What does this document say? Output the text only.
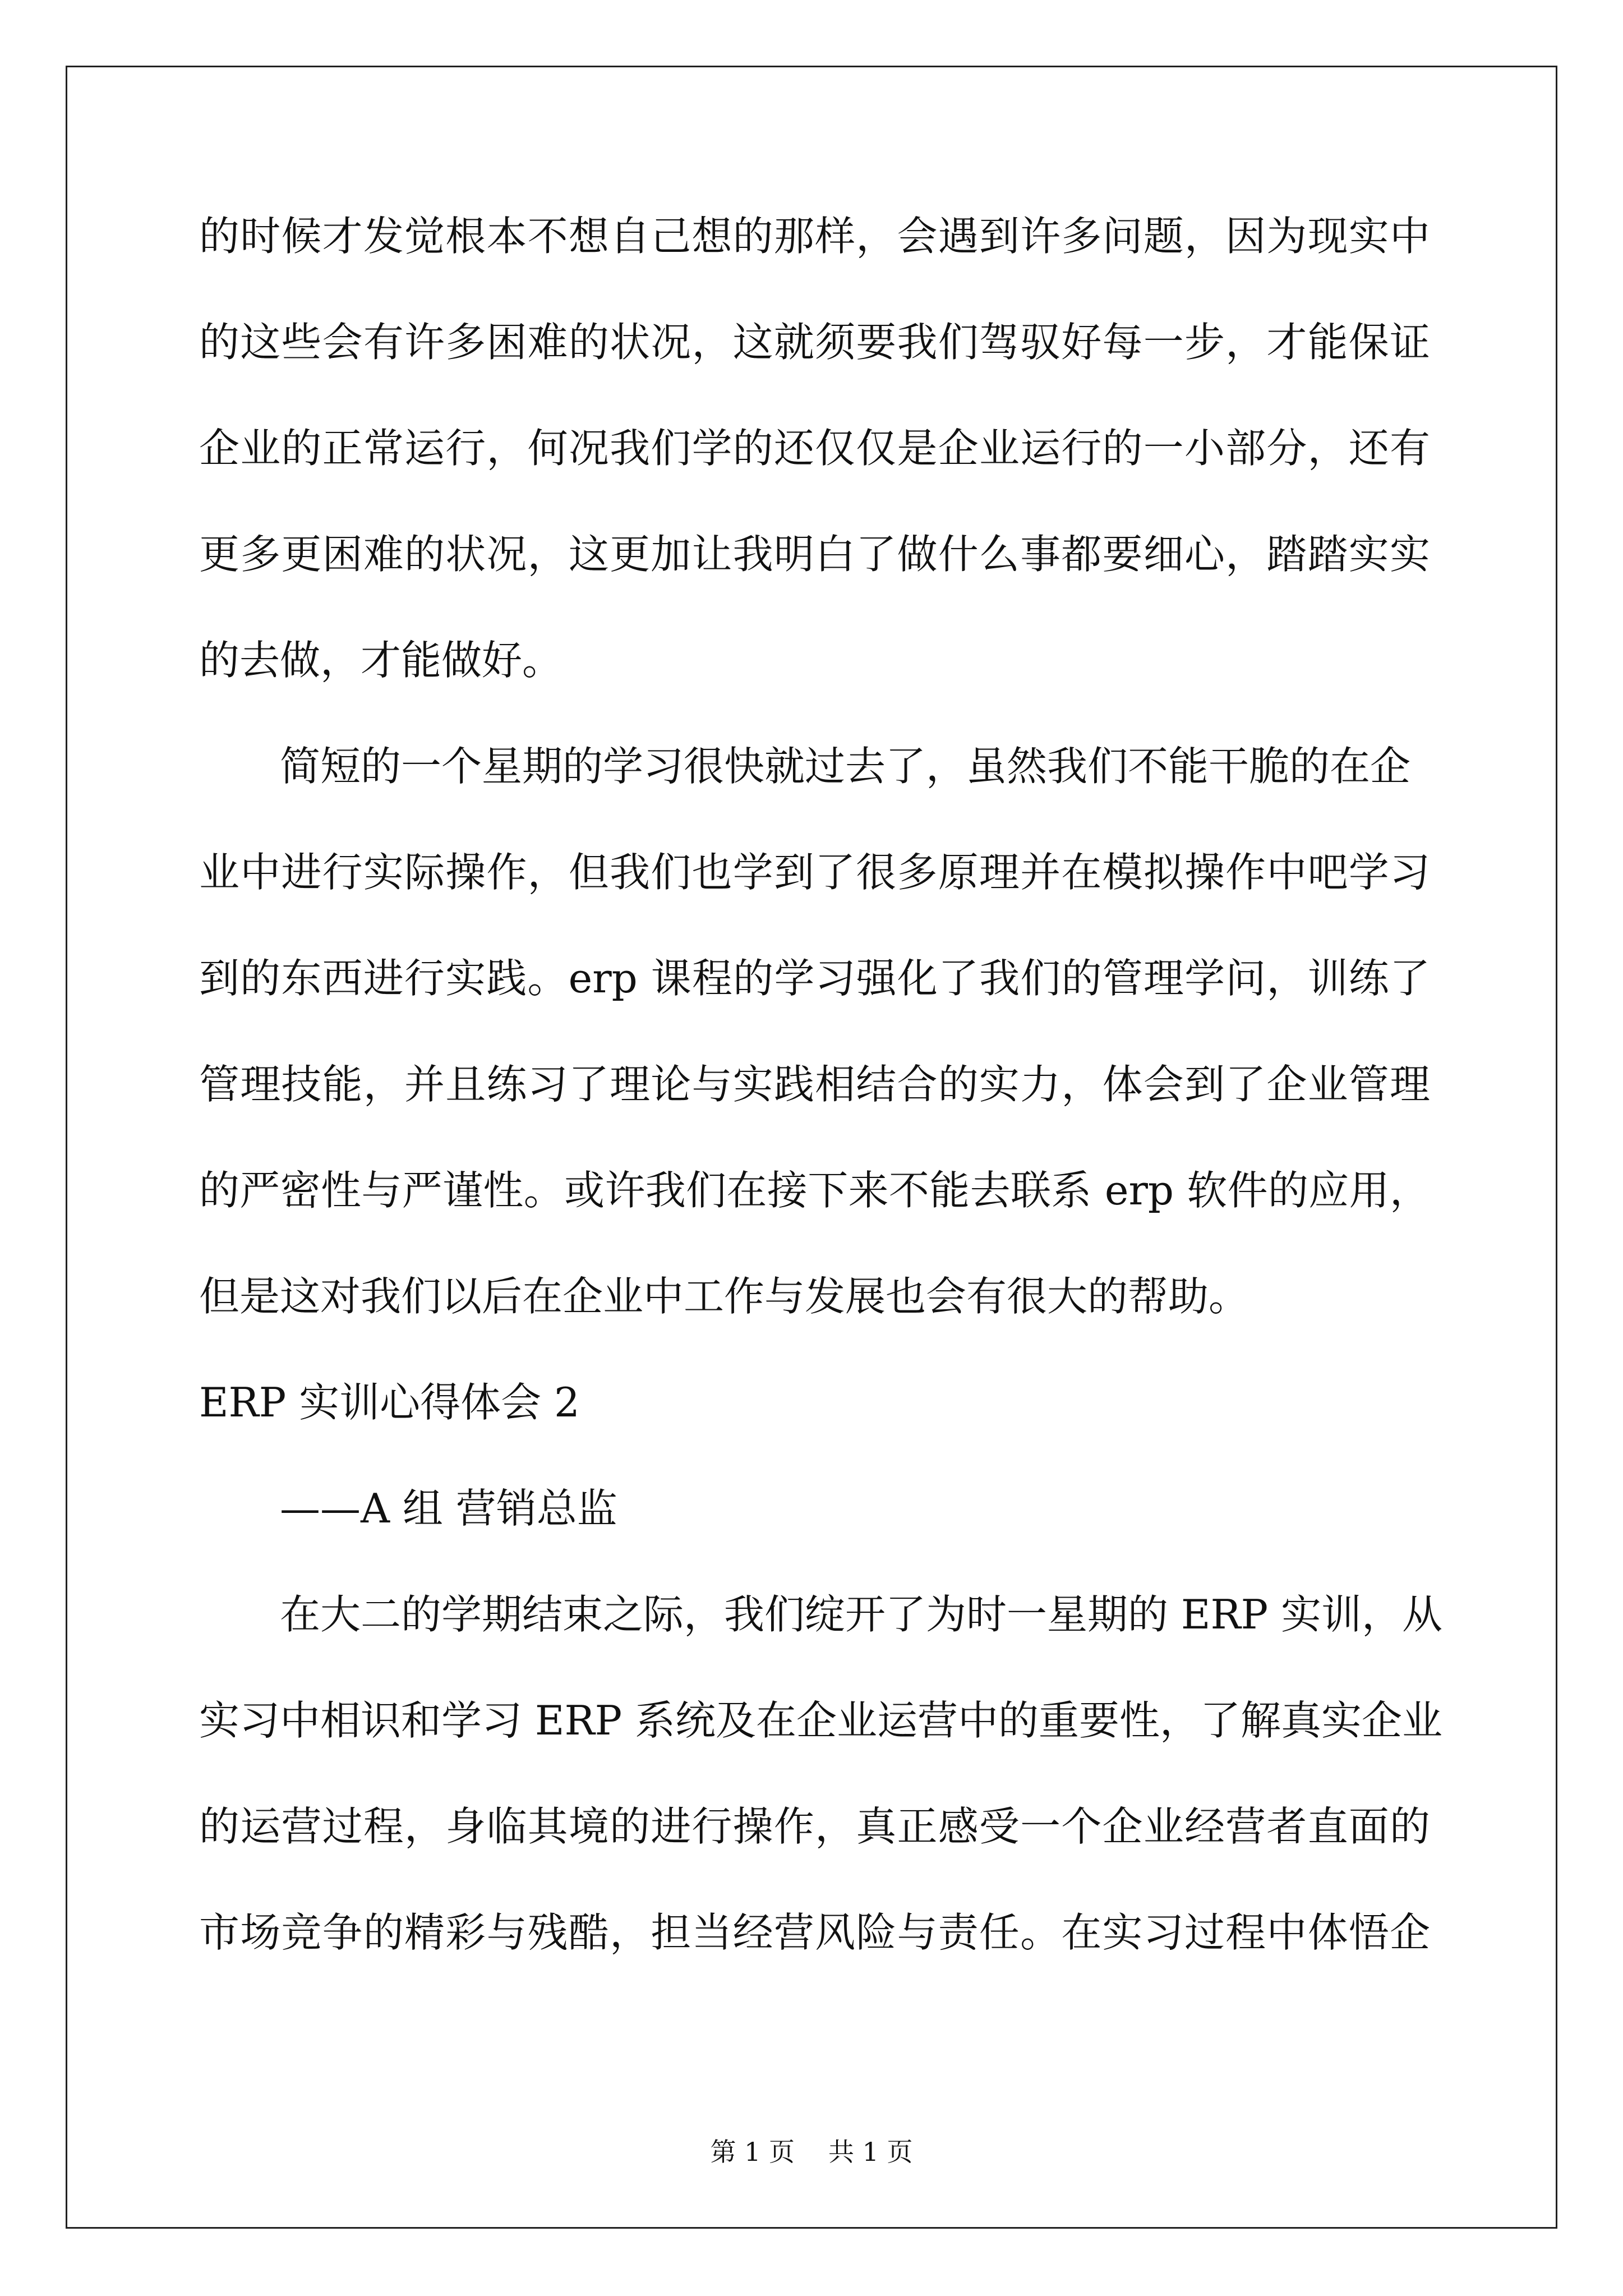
的时候才发觉根本不想自己想的那样，会遇到许多问题，因为现实中
的这些会有许多困难的状况，这就须要我们驾驭好每一步，才能保证
企业的正常运行，何况我们学的还仅仅是企业运行的一小部分，还有
更多更困难的状况，这更加让我明白了做什么事都要细心，踏踏实实
的去做，才能做好。
简短的一个星期的学习很快就过去了，虽然我们不能干脆的在企
业中进行实际操作，但我们也学到了很多原理并在模拟操作中吧学习
到的东西进行实践。erp 课程的学习强化了我们的管理学问，训练了
管理技能，并且练习了理论与实践相结合的实力，体会到了企业管理
的严密性与严谨性。或许我们在接下来不能去联系 erp 软件的应用，
但是这对我们以后在企业中工作与发展也会有很大的帮助。
ERP 实训心得体会 2
——A 组 营销总监
在大二的学期结束之际，我们绽开了为时一星期的 ERP 实训，从
实习中相识和学习 ERP 系统及在企业运营中的重要性，了解真实企业
的运营过程，身临其境的进行操作，真正感受一个企业经营者直面的
市场竞争的精彩与残酷，担当经营风险与责任。在实习过程中体悟企
第 1 页 共 1 页
